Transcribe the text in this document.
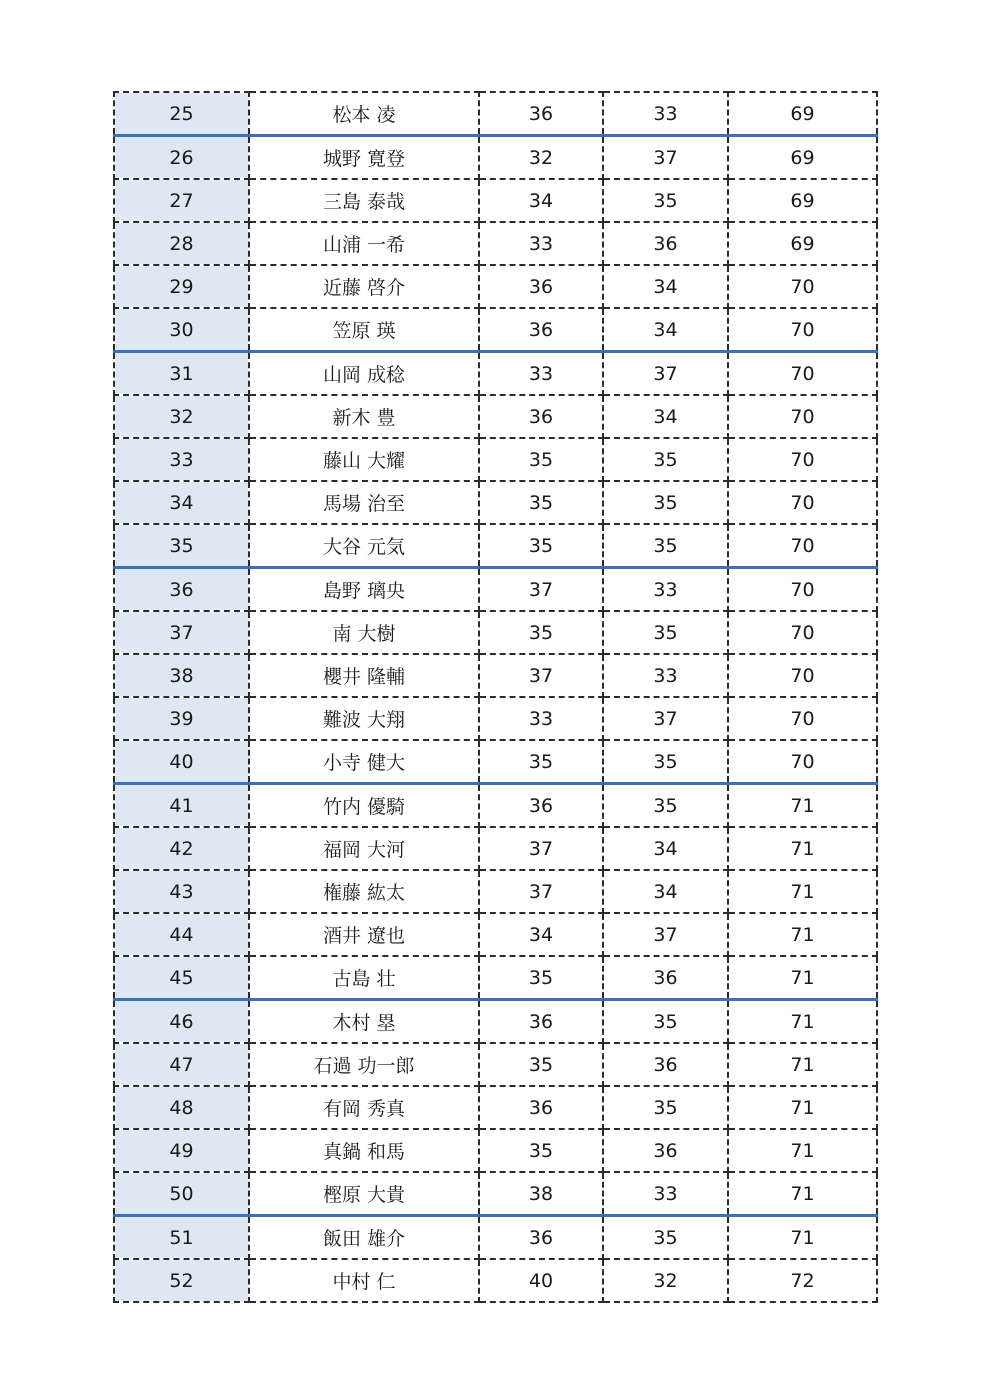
25	松本 凌	36	33	69
26	城野 寛登	32	37	69
27	三島 泰哉	34	35	69
28	山浦 一希	33	36	69
29	近藤 啓介	36	34	70
30	笠原 瑛	36	34	70
31	山岡 成稔	33	37	70
32	新木 豊	36	34	70
33	藤山 大耀	35	35	70
34	馬場 治至	35	35	70
35	大谷 元気	35	35	70
36	島野 璃央	37	33	70
37	南 大樹	35	35	70
38	櫻井 隆輔	37	33	70
39	難波 大翔	33	37	70
40	小寺 健大	35	35	70
41	竹内 優騎	36	35	71
42	福岡 大河	37	34	71
43	権藤 紘太	37	34	71
44	酒井 遼也	34	37	71
45	古島 壮	35	36	71
46	木村 塁	36	35	71
47	石過 功一郎	35	36	71
48	有岡 秀真	36	35	71
49	真鍋 和馬	35	36	71
50	樫原 大貴	38	33	71
51	飯田 雄介	36	35	71
52	中村 仁	40	32	72
